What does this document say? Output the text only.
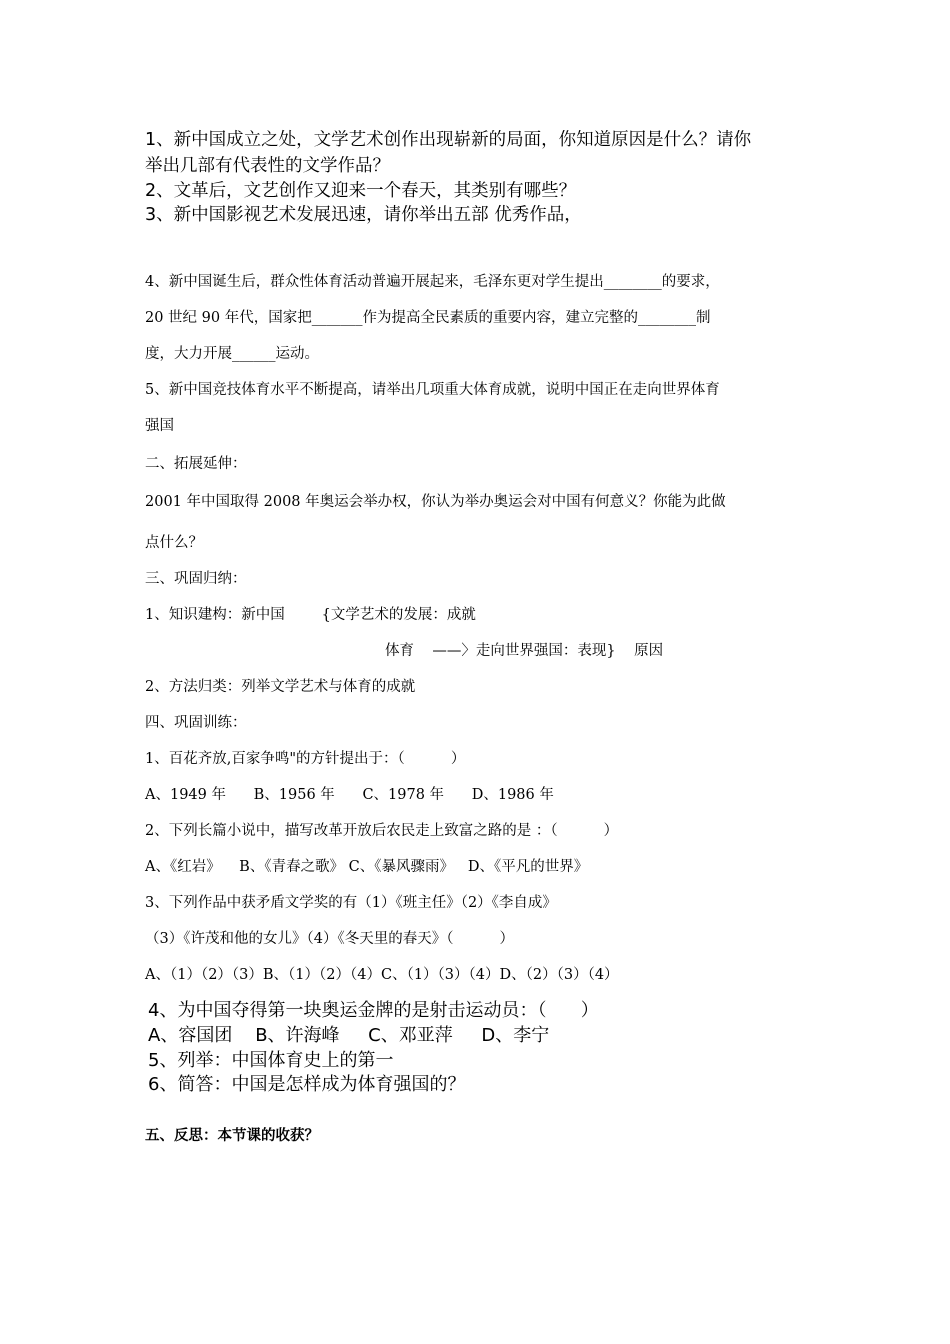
1、新中国成立之处，文学艺术创作出现崭新的局面，你知道原因是什么？请你
举出几部有代表性的文学作品？
2、文革后，文艺创作又迎来一个春天，其类别有哪些？
3、新中国影视艺术发展迅速，请你举出五部 优秀作品，
4、新中国诞生后，群众性体育活动普遍开展起来，毛泽东更对学生提出________的要求，
20 世纪 90 年代，国家把_______作为提高全民素质的重要内容，建立完整的________制
度，大力开展______运动。
5、新中国竞技体育水平不断提高，请举出几项重大体育成就，说明中国正在走向世界体育
强国
二、拓展延伸：
2001 年中国取得 2008 年奥运会举办权，你认为举办奥运会对中国有何意义？你能为此做
点什么？
三、巩固归纳：
1、知识建构：新中国        {文学艺术的发展：成就
体育    ——〉走向世界强国：表现}    原因
2、方法归类：列举文学艺术与体育的成就
四、巩固训练：
1、百花齐放,百家争鸣"的方针提出于：（          ）
A、1949 年      B、1956 年      C、1978 年      D、1986 年
2、下列长篇小说中，描写改革开放后农民走上致富之路的是 ：（          ）
A、《红岩》    B、《青春之歌》 C、《暴风骤雨》   D、《平凡的世界》
3、下列作品中获矛盾文学奖的有（1）《班主任》（2）《李自成》
（3）《许茂和他的女儿》（4）《冬天里的春天》（          ）
A、（1）（2）（3）B、（1）（2）（4）C、（1）（3）（4）D、（2）（3）（4）
4、为中国夺得第一块奥运金牌的是射击运动员：（      ）
A、容国团    B、许海峰     C、邓亚萍     D、李宁
5、列举：中国体育史上的第一
6、简答：中国是怎样成为体育强国的？
五、反思：本节课的收获？
